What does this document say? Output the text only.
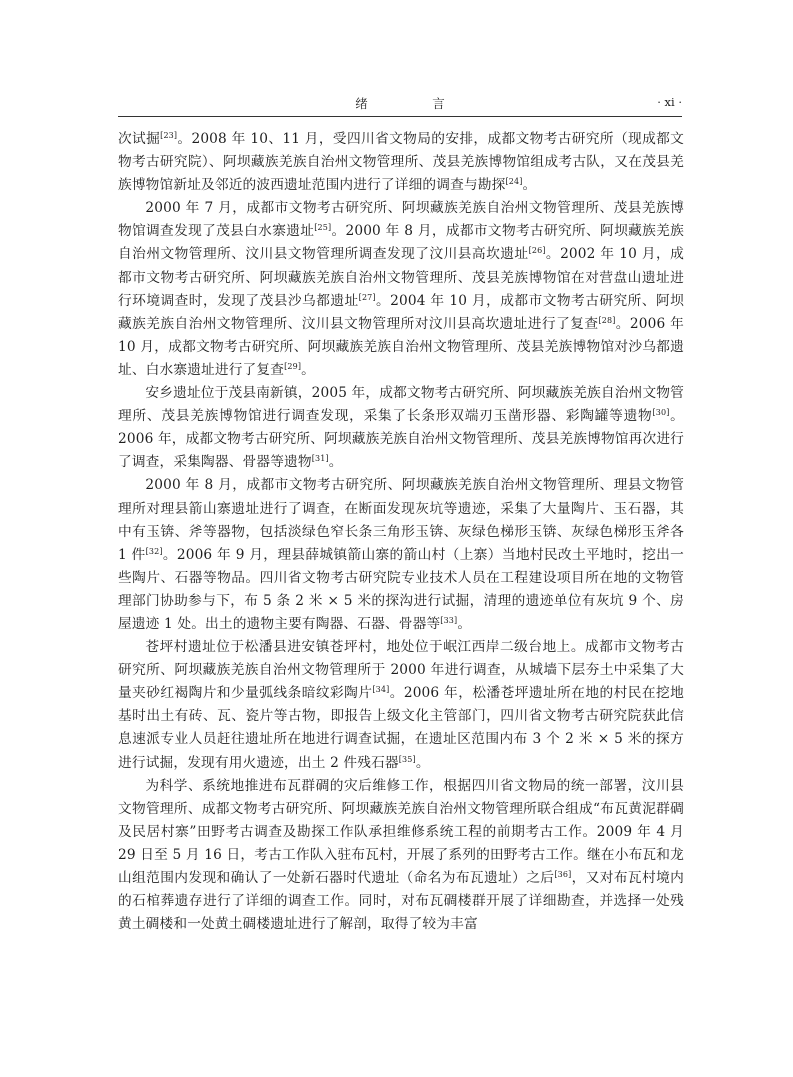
绪　言	· xi ·

次试掘[23]。2008 年 10、11 月，受四川省文物局的安排，成都文物考古研究所（现成都文物考古研究院）、阿坝藏族羌族自治州文物管理所、茂县羌族博物馆组成考古队，又在茂县羌族博物馆新址及邻近的波西遗址范围内进行了详细的调查与勘探[24]。

2000 年 7 月，成都市文物考古研究所、阿坝藏族羌族自治州文物管理所、茂县羌族博物馆调查发现了茂县白水寨遗址[25]。2000 年 8 月，成都市文物考古研究所、阿坝藏族羌族自治州文物管理所、汶川县文物管理所调查发现了汶川县高坎遗址[26]。2002 年 10 月，成都市文物考古研究所、阿坝藏族羌族自治州文物管理所、茂县羌族博物馆在对营盘山遗址进行环境调查时，发现了茂县沙乌都遗址[27]。2004 年 10 月，成都市文物考古研究所、阿坝藏族羌族自治州文物管理所、汶川县文物管理所对汶川县高坎遗址进行了复查[28]。2006 年 10 月，成都文物考古研究所、阿坝藏族羌族自治州文物管理所、茂县羌族博物馆对沙乌都遗址、白水寨遗址进行了复查[29]。

安乡遗址位于茂县南新镇，2005 年，成都文物考古研究所、阿坝藏族羌族自治州文物管理所、茂县羌族博物馆进行调查发现，采集了长条形双端刃玉凿形器、彩陶罐等遗物[30]。2006 年，成都文物考古研究所、阿坝藏族羌族自治州文物管理所、茂县羌族博物馆再次进行了调查，采集陶器、骨器等遗物[31]。

2000 年 8 月，成都市文物考古研究所、阿坝藏族羌族自治州文物管理所、理县文物管理所对理县箭山寨遗址进行了调查，在断面发现灰坑等遗迹，采集了大量陶片、玉石器，其中有玉锛、斧等器物，包括淡绿色窄长条三角形玉锛、灰绿色梯形玉锛、灰绿色梯形玉斧各 1 件[32]。2006 年 9 月，理县薛城镇箭山寨的箭山村（上寨）当地村民改土平地时，挖出一些陶片、石器等物品。四川省文物考古研究院专业技术人员在工程建设项目所在地的文物管理部门协助参与下，布 5 条 2 米 × 5 米的探沟进行试掘，清理的遗迹单位有灰坑 9 个、房屋遗迹 1 处。出土的遗物主要有陶器、石器、骨器等[33]。

苍坪村遗址位于松潘县进安镇苍坪村，地处位于岷江西岸二级台地上。成都市文物考古研究所、阿坝藏族羌族自治州文物管理所于 2000 年进行调查，从城墙下层夯土中采集了大量夹砂红褐陶片和少量弧线条暗纹彩陶片[34]。2006 年，松潘苍坪遗址所在地的村民在挖地基时出土有砖、瓦、瓷片等古物，即报告上级文化主管部门，四川省文物考古研究院获此信息速派专业人员赶往遗址所在地进行调查试掘，在遗址区范围内布 3 个 2 米 × 5 米的探方进行试掘，发现有用火遗迹，出土 2 件残石器[35]。

为科学、系统地推进布瓦群碉的灾后维修工作，根据四川省文物局的统一部署，汶川县文物管理所、成都文物考古研究所、阿坝藏族羌族自治州文物管理所联合组成“布瓦黄泥群碉及民居村寨”田野考古调查及勘探工作队承担维修系统工程的前期考古工作。2009 年 4 月 29 日至 5 月 16 日，考古工作队入驻布瓦村，开展了系列的田野考古工作。继在小布瓦和龙山组范围内发现和确认了一处新石器时代遗址（命名为布瓦遗址）之后[36]，又对布瓦村境内的石棺葬遗存进行了详细的调查工作。同时，对布瓦碉楼群开展了详细勘查，并选择一处残黄土碉楼和一处黄土碉楼遗址进行了解剖，取得了较为丰富
